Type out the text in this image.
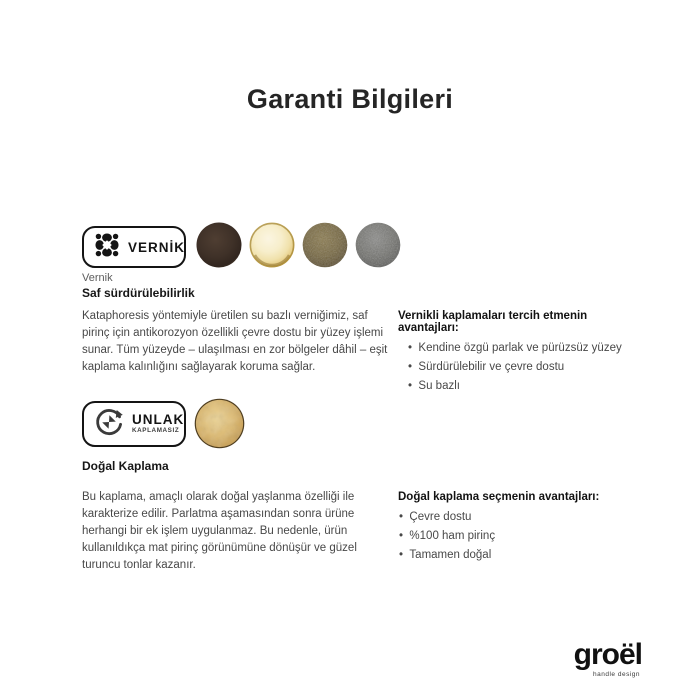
Garanti Bilgileri
VERNİK
Vernik
Saf sürdürülebilirlik
Kataphoresis yöntemiyle üretilen su bazlı verniğimiz, saf pirinç için antikorozyon özellikli çevre dostu bir yüzey işlemi sunar. Tüm yüzeyde – ulaşılması en zor bölgeler dâhil – eşit kaplama kalınlığını sağlayarak koruma sağlar.
Vernikli kaplamaları tercih etmenin avantajları:
•  Kendine özgü parlak ve pürüzsüz yüzey
•  Sürdürülebilir ve çevre dostu
•  Su bazlı
UNLAK
KAPLAMASIZ
Doğal Kaplama
Bu kaplama, amaçlı olarak doğal yaşlanma özelliği ile karakterize edilir. Parlatma aşamasından sonra ürüne herhangi bir ek işlem uygulanmaz. Bu nedenle, ürün kullanıldıkça mat pirinç görünümüne dönüşür ve güzel turuncu tonlar kazanır.
Doğal kaplama seçmenin avantajları:
•  Çevre dostu
•  %100 ham pirinç
•  Tamamen doğal
groël
handle design
